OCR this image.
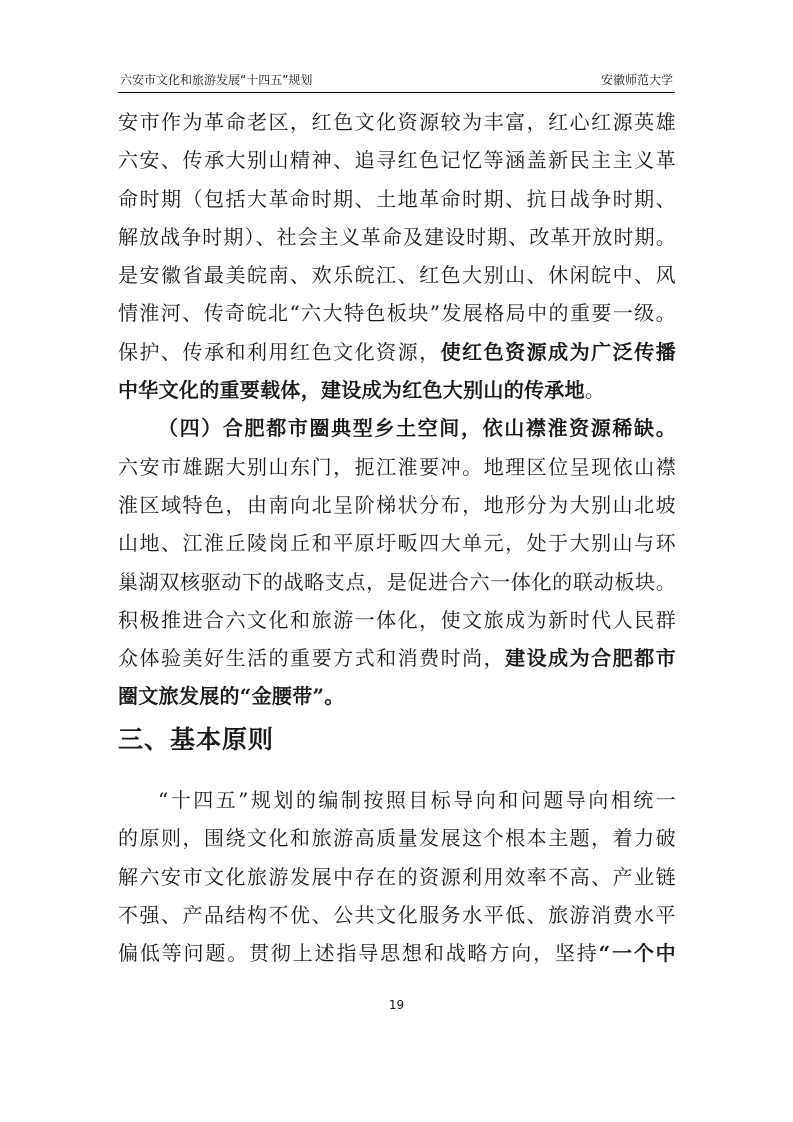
六安市文化和旅游发展“十四五”规划	安徽师范大学
安市作为革命老区，红色文化资源较为丰富，红心红源英雄
六安、传承大别山精神、追寻红色记忆等涵盖新民主主义革
命时期（包括大革命时期、土地革命时期、抗日战争时期、
解放战争时期）、社会主义革命及建设时期、改革开放时期。
是安徽省最美皖南、欢乐皖江、红色大别山、休闲皖中、风
情淮河、传奇皖北“六大特色板块”发展格局中的重要一级。
保护、传承和利用红色文化资源，使红色资源成为广泛传播
中华文化的重要载体，建设成为红色大别山的传承地。
（四）合肥都市圈典型乡土空间，依山襟淮资源稀缺。
六安市雄踞大别山东门，扼江淮要冲。地理区位呈现依山襟
淮区域特色，由南向北呈阶梯状分布，地形分为大别山北坡
山地、江淮丘陵岗丘和平原圩畈四大单元，处于大别山与环
巢湖双核驱动下的战略支点，是促进合六一体化的联动板块。
积极推进合六文化和旅游一体化，使文旅成为新时代人民群
众体验美好生活的重要方式和消费时尚，建设成为合肥都市
圈文旅发展的“金腰带”。
三、基本原则
“十四五”规划的编制按照目标导向和问题导向相统一
的原则，围绕文化和旅游高质量发展这个根本主题，着力破
解六安市文化旅游发展中存在的资源利用效率不高、产业链
不强、产品结构不优、公共文化服务水平低、旅游消费水平
偏低等问题。贯彻上述指导思想和战略方向，坚持“一个中
19
